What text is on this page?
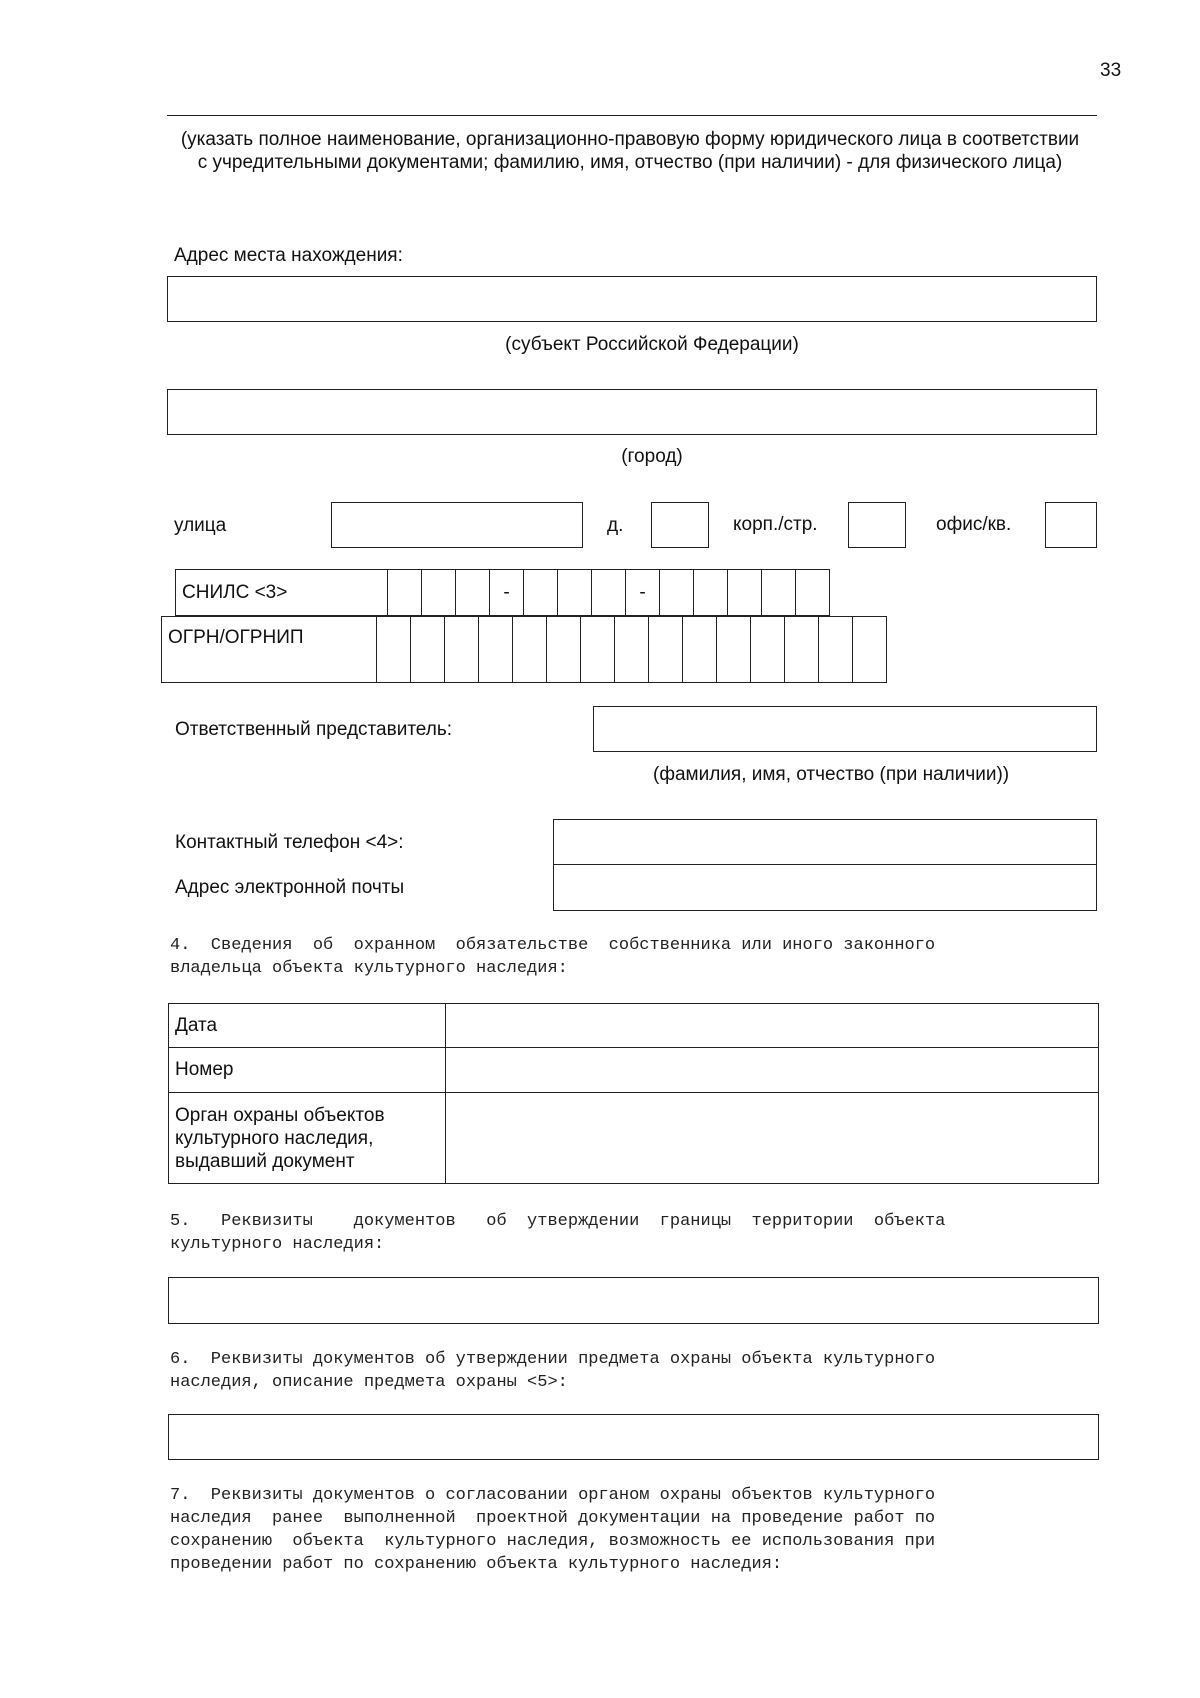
33
(указать полное наименование, организационно-правовую форму юридического лица в соответствии с учредительными документами; фамилию, имя, отчество (при наличии) - для физического лица)
Адрес места нахождения:
(субъект Российской Федерации)
(город)
улица	д.	корп./стр.	офис/кв.
СНИЛС <3>				-				-					
ОГРН/ОГРНИП															
Ответственный представитель:
(фамилия, имя, отчество (при наличии))
Контактный телефон <4>:
Адрес электронной почты
4.  Сведения  об  охранном  обязательстве  собственника или иного законного
владельца объекта культурного наследия:
Дата	
Номер	
Орган охраны объектов культурного наследия, выдавший документ	
5.   Реквизиты    документов   об  утверждении  границы  территории  объекта
культурного наследия:
6.  Реквизиты документов об утверждении предмета охраны объекта культурного
наследия, описание предмета охраны <5>:
7.  Реквизиты документов о согласовании органом охраны объектов культурного
наследия  ранее  выполненной  проектной документации на проведение работ по
сохранению  объекта  культурного наследия, возможность ее использования при
проведении работ по сохранению объекта культурного наследия:
